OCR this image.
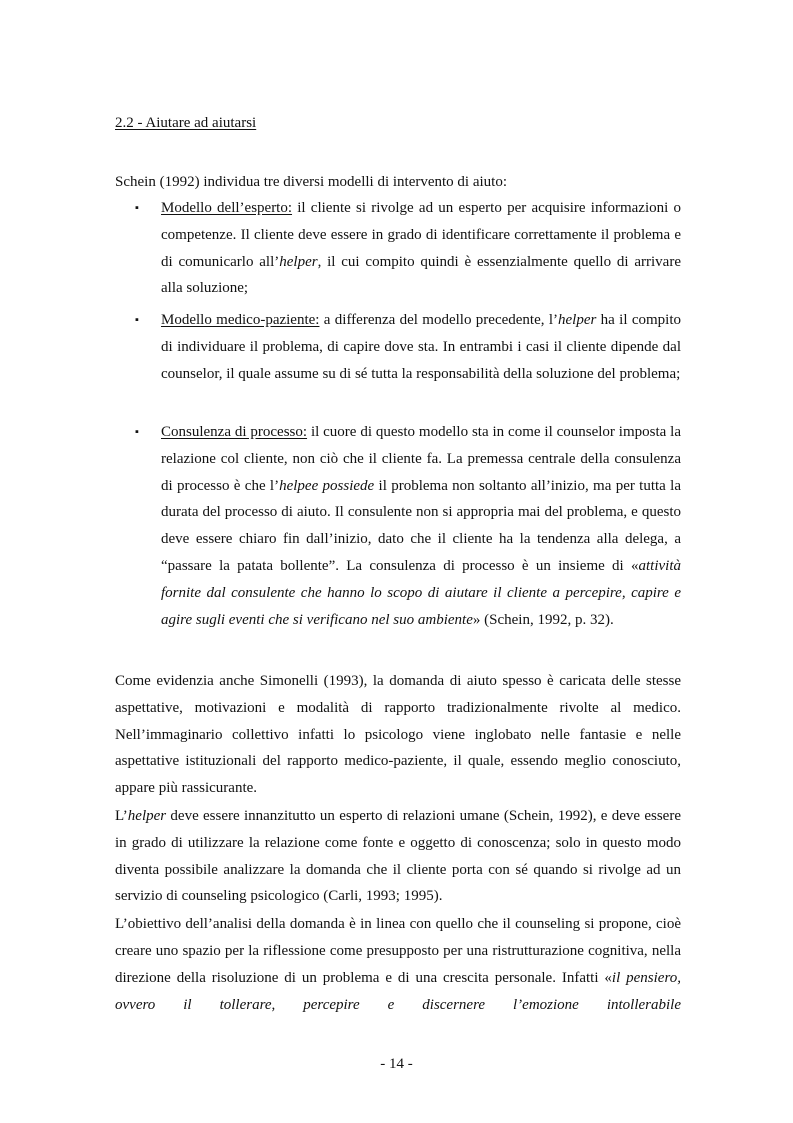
2.2 - Aiutare ad aiutarsi
Schein (1992) individua tre diversi modelli di intervento di aiuto:
▪ Modello dell’esperto: il cliente si rivolge ad un esperto per acquisire informazioni o competenze. Il cliente deve essere in grado di identificare correttamente il problema e di comunicarlo all’helper, il cui compito quindi è essenzialmente quello di arrivare alla soluzione;
▪ Modello medico-paziente: a differenza del modello precedente, l’helper ha il compito di individuare il problema, di capire dove sta. In entrambi i casi il cliente dipende dal counselor, il quale assume su di sé tutta la responsabilità della soluzione del problema;
▪ Consulenza di processo: il cuore di questo modello sta in come il counselor imposta la relazione col cliente, non ciò che il cliente fa. La premessa centrale della consulenza di processo è che l’helpee possiede il problema non soltanto all’inizio, ma per tutta la durata del processo di aiuto. Il consulente non si appropria mai del problema, e questo deve essere chiaro fin dall’inizio, dato che il cliente ha la tendenza alla delega, a “passare la patata bollente”. La consulenza di processo è un insieme di «attività fornite dal consulente che hanno lo scopo di aiutare il cliente a percepire, capire e agire sugli eventi che si verificano nel suo ambiente» (Schein, 1992, p. 32).
Come evidenzia anche Simonelli (1993), la domanda di aiuto spesso è caricata delle stesse aspettative, motivazioni e modalità di rapporto tradizionalmente rivolte al medico. Nell’immaginario collettivo infatti lo psicologo viene inglobato nelle fantasie e nelle aspettative istituzionali del rapporto medico-paziente, il quale, essendo meglio conosciuto, appare più rassicurante.
L’helper deve essere innanzitutto un esperto di relazioni umane (Schein, 1992), e deve essere in grado di utilizzare la relazione come fonte e oggetto di conoscenza; solo in questo modo diventa possibile analizzare la domanda che il cliente porta con sé quando si rivolge ad un servizio di counseling psicologico (Carli, 1993; 1995).
L’obiettivo dell’analisi della domanda è in linea con quello che il counseling si propone, cioè creare uno spazio per la riflessione come presupposto per una ristrutturazione cognitiva, nella direzione della risoluzione di un problema e di una crescita personale. Infatti «il pensiero, ovvero il tollerare, percepire e discernere l’emozione intollerabile
- 14 -
